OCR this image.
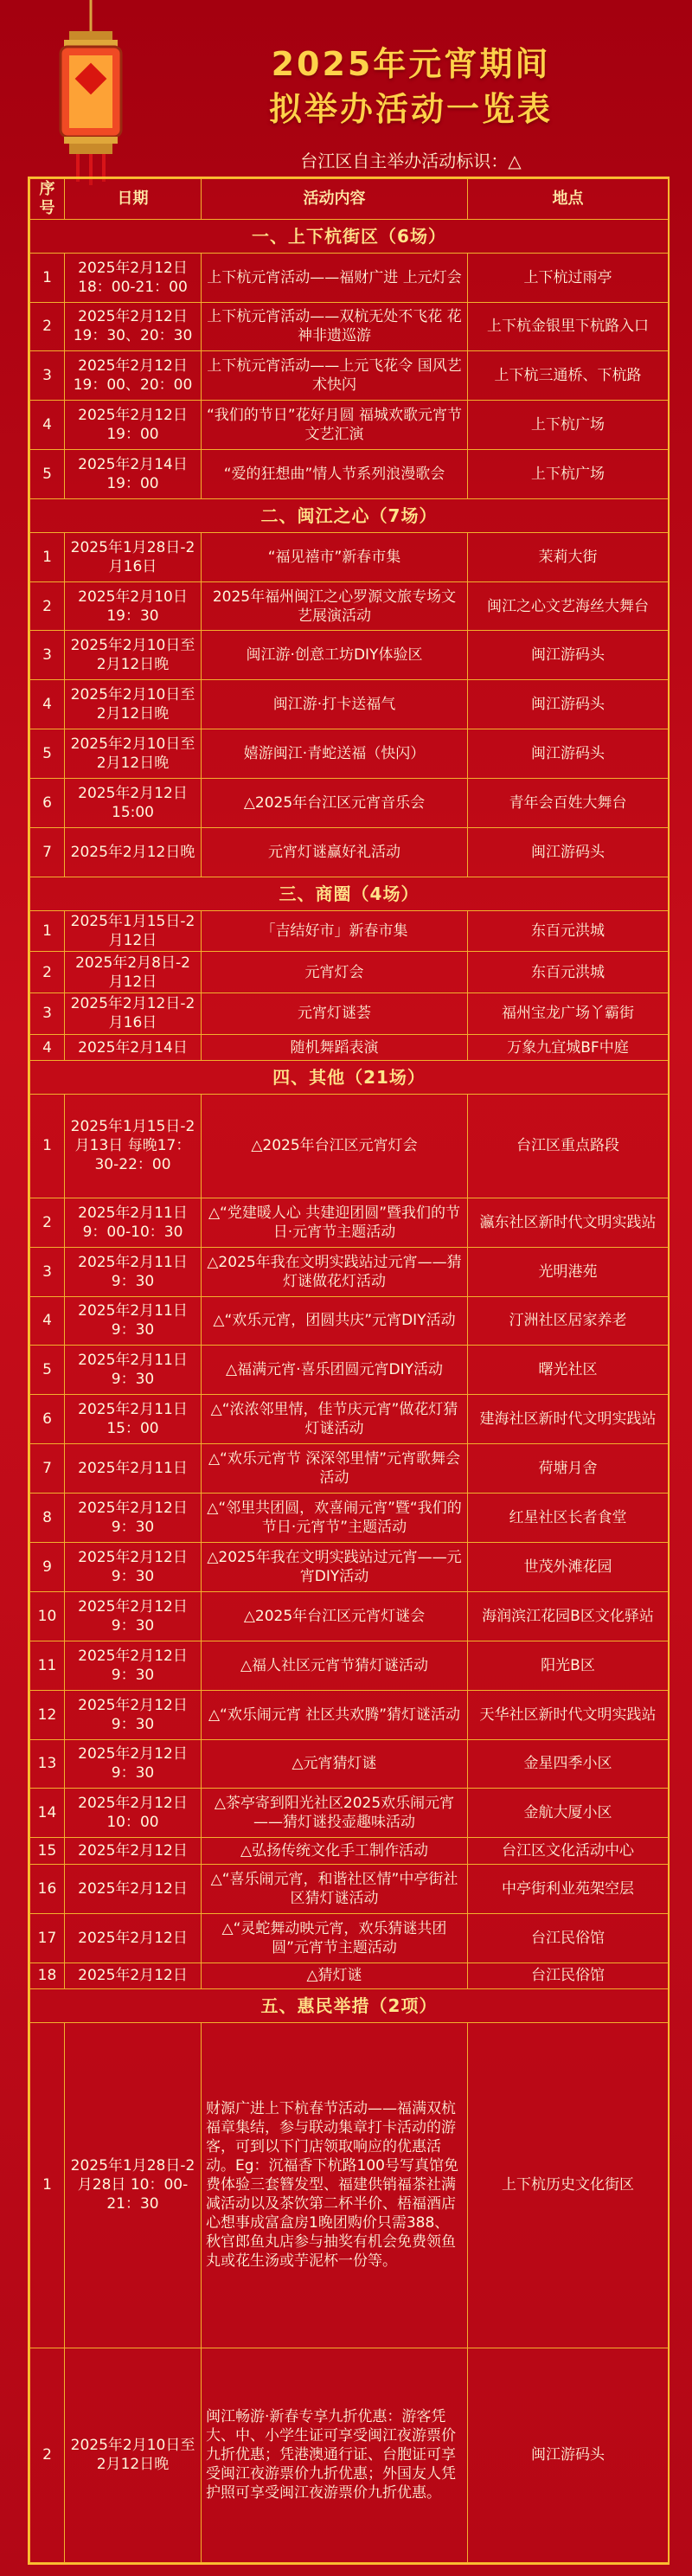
2025年元宵期间
拟举办活动一览表
台江区自主举办活动标识：△
序号	日期	活动内容	地点
一、上下杭街区（6场）			
1	2025年2月12日 18：00-21：00	上下杭元宵活动——福财广进 上元灯会	上下杭过雨亭
2	2025年2月12日 19：30、20：30	上下杭元宵活动——双杭无处不飞花 花神非遗巡游	上下杭金银里下杭路入口
3	2025年2月12日 19：00、20：00	上下杭元宵活动——上元飞花令 国风艺术快闪	上下杭三通桥、下杭路
4	2025年2月12日 19：00	“我们的节日”花好月圆 福城欢歌元宵节文艺汇演	上下杭广场
5	2025年2月14日 19：00	“爱的狂想曲”情人节系列浪漫歌会	上下杭广场
二、闽江之心（7场）			
1	2025年1月28日-2月16日	“福见禧市”新春市集	茉莉大街
2	2025年2月10日 19：30	2025年福州闽江之心罗源文旅专场文艺展演活动	闽江之心文艺海丝大舞台
3	2025年2月10日至2月12日晚	闽江游·创意工坊DIY体验区	闽江游码头
4	2025年2月10日至2月12日晚	闽江游·打卡送福气	闽江游码头
5	2025年2月10日至2月12日晚	嬉游闽江·青蛇送福（快闪）	闽江游码头
6	2025年2月12日 15:00	△2025年台江区元宵音乐会	青年会百姓大舞台
7	2025年2月12日晚	元宵灯谜赢好礼活动	闽江游码头
三、商圈（4场）			
1	2025年1月15日-2月12日	「吉结好市」新春市集	东百元洪城
2	2025年2月8日-2月12日	元宵灯会	东百元洪城
3	2025年2月12日-2月16日	元宵灯谜荟	福州宝龙广场丫霸街
4	2025年2月14日	随机舞蹈表演	万象九宜城BF中庭
四、其他（21场）			
1	2025年1月15日-2月13日 每晚17：30-22：00	△2025年台江区元宵灯会	台江区重点路段
2	2025年2月11日 9：00-10：30	△“党建暖人心 共建迎团圆”暨我们的节日·元宵节主题活动	瀛东社区新时代文明实践站
3	2025年2月11日 9：30	△2025年我在文明实践站过元宵——猜灯谜做花灯活动	光明港苑
4	2025年2月11日 9：30	△“欢乐元宵，团圆共庆”元宵DIY活动	汀洲社区居家养老
5	2025年2月11日 9：30	△福满元宵·喜乐团圆元宵DIY活动	曙光社区
6	2025年2月11日 15：00	△“浓浓邻里情，佳节庆元宵”做花灯猜灯谜活动	建海社区新时代文明实践站
7	2025年2月11日	△“欢乐元宵节 深深邻里情”元宵歌舞会活动	荷塘月舍
8	2025年2月12日 9：30	△“邻里共团圆，欢喜闹元宵”暨“我们的节日·元宵节”主题活动	红星社区长者食堂
9	2025年2月12日 9：30	△2025年我在文明实践站过元宵——元宵DIY活动	世茂外滩花园
10	2025年2月12日 9：30	△2025年台江区元宵灯谜会	海润滨江花园B区文化驿站
11	2025年2月12日 9：30	△福人社区元宵节猜灯谜活动	阳光B区
12	2025年2月12日 9：30	△“欢乐闹元宵 社区共欢腾”猜灯谜活动	天华社区新时代文明实践站
13	2025年2月12日 9：30	△元宵猜灯谜	金星四季小区
14	2025年2月12日 10：00	△茶亭寄到阳光社区2025欢乐闹元宵——猜灯谜投壶趣味活动	金航大厦小区
15	2025年2月12日	△弘扬传统文化手工制作活动	台江区文化活动中心
16	2025年2月12日	△“喜乐闹元宵，和谐社区情”中亭街社区猜灯谜活动	中亭街利业苑架空层
17	2025年2月12日	△“灵蛇舞动映元宵，欢乐猜谜共团圆”元宵节主题活动	台江民俗馆
18	2025年2月12日	△猜灯谜	台江民俗馆
五、惠民举措（2项）			
1	2025年1月28日-2月28日 10：00-21：30	财源广进上下杭春节活动——福满双杭 福章集结，参与联动集章打卡活动的游客，可到以下门店领取响应的优惠活动。Eg：沉福香下杭路100号写真馆免费体验三套簪发型、福建供销福茶社满减活动以及茶饮第二杯半价、梧福酒店心想事成富盒房1晚团购价只需388、秋官郎鱼丸店参与抽奖有机会免费领鱼丸或花生汤或芋泥杯一份等。	上下杭历史文化街区
2	2025年2月10日至2月12日晚	闽江畅游·新春专享九折优惠：游客凭大、中、小学生证可享受闽江夜游票价九折优惠；凭港澳通行证、台胞证可享受闽江夜游票价九折优惠；外国友人凭护照可享受闽江夜游票价九折优惠。	闽江游码头
